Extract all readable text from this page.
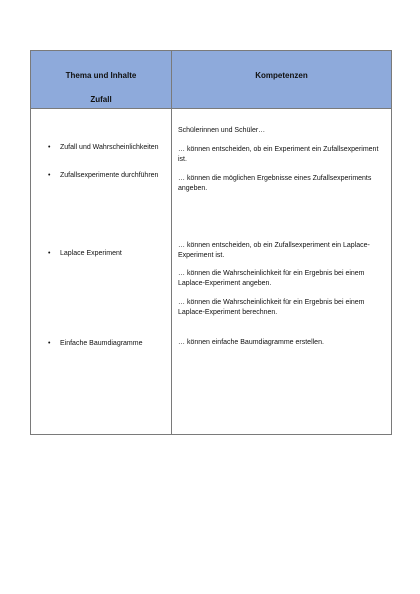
Thema und Inhalte
Zufall
Kompetenzen
• Zufall und Wahrscheinlichkeiten
• Zufallsexperimente durchführen
• Laplace Experiment
• Einfache Baumdiagramme
Schülerinnen und Schüler…
… können entscheiden, ob ein Experiment ein Zufallsexperiment ist.
… können die möglichen Ergebnisse eines Zufallsexperiments angeben.
… können entscheiden, ob ein Zufallsexperiment ein Laplace-Experiment ist.
… können die Wahrscheinlichkeit für ein Ergebnis bei einem Laplace-Experiment angeben.
… können die Wahrscheinlichkeit für ein Ergebnis bei einem Laplace-Experiment berechnen.
… können einfache Baumdiagramme erstellen.
